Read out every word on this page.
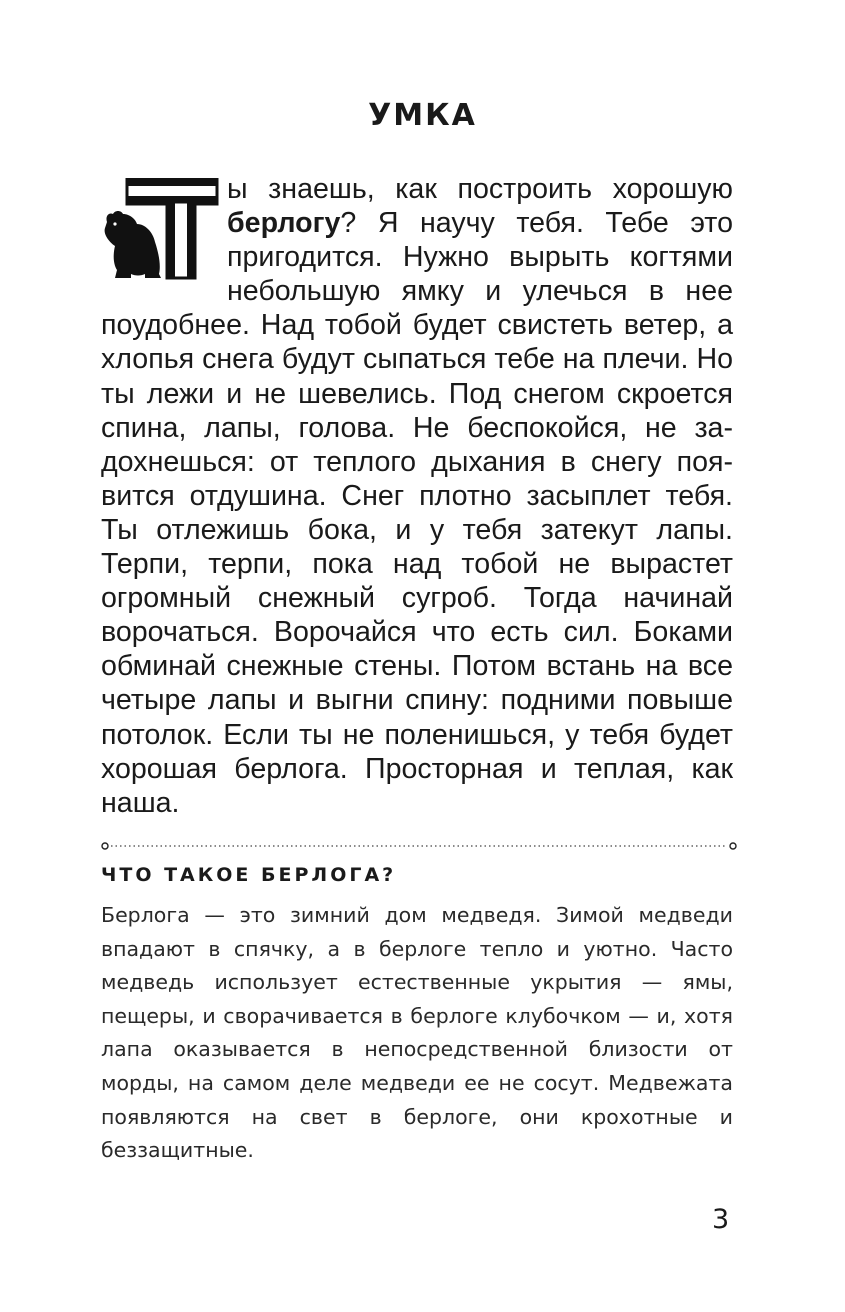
УМКА
ы знаешь, как построить хорошую берлогу? Я научу тебя. Тебе это пригодится. Нужно вырыть когтями небольшую ямку и улечься в нее поудобнее. Над тобой будет свистеть ветер, а хлопья снега будут сыпаться тебе на плечи. Но ты лежи и не шевелись. Под снегом скроется спина, лапы, голова. Не беспокойся, не задохнешься: от теплого дыхания в снегу появится отдушина. Снег плотно засыплет тебя. Ты отлежишь бока, и у тебя затекут лапы. Терпи, терпи, пока над тобой не вырастет огромный снежный сугроб. Тогда начинай ворочаться. Ворочайся что есть сил. Боками обминай снежные стены. Потом встань на все четыре лапы и выгни спину: подними повыше потолок. Если ты не поленишься, у тебя будет хорошая берлога. Просторная и теплая, как наша.
ЧТО ТАКОЕ БЕРЛОГА?
Берлога — это зимний дом медведя. Зимой медведи впадают в спячку, а в берлоге тепло и уютно. Часто медведь использует естественные укрытия — ямы, пещеры, и сворачивается в берлоге клубочком — и, хотя лапа оказывается в непосредственной близости от морды, на самом деле медведи ее не сосут. Медвежата появляются на свет в берлоге, они крохотные и беззащитные.
3
